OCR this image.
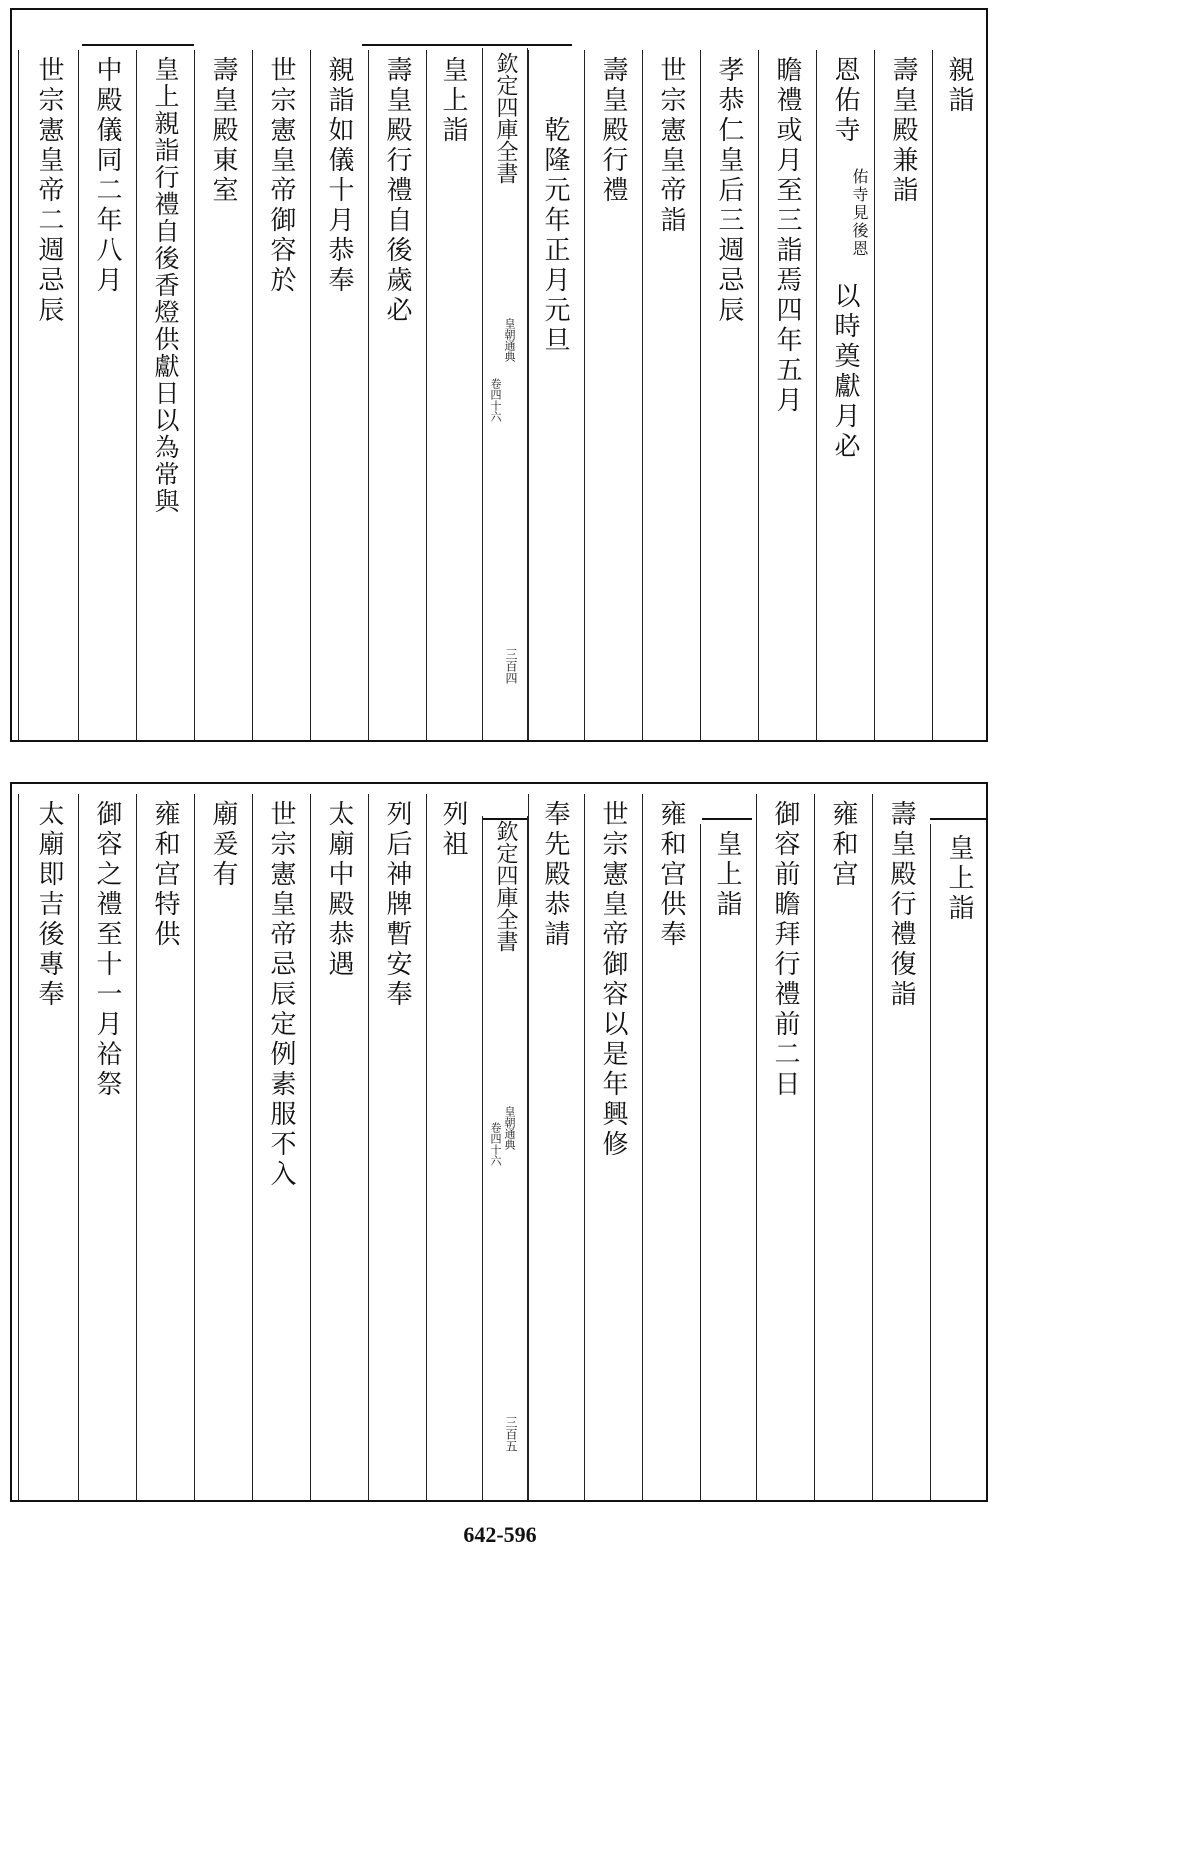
親詣
壽皇殿兼詣
恩佑寺
佑寺見後恩
以時奠獻月必
瞻禮或月至三詣焉四年五月
孝恭仁皇后三週忌辰
世宗憲皇帝詣
壽皇殿行禮
乾隆元年正月元旦
欽定四庫全書
皇朝通典
卷四十六
三百四
皇上詣
壽皇殿行禮自後歲必
親詣如儀十月恭奉
世宗憲皇帝御容於
壽皇殿東室
皇上親詣行禮自後香燈供獻日以為常與
中殿儀同二年八月
世宗憲皇帝二週忌辰
皇上詣
壽皇殿行禮復詣
雍和宫
御容前瞻拜行禮前二日
皇上詣
雍和宫供奉
世宗憲皇帝御容以是年興修
奉先殿恭請
欽定四庫全書
皇朝通典
卷四十六
三百五
列祖
列后神牌暫安奉
太廟中殿恭遇
世宗憲皇帝忌辰定例素服不入
廟爰有
雍和宫特供
御容之禮至十一月祫祭
太廟即吉後專奉
642-596
